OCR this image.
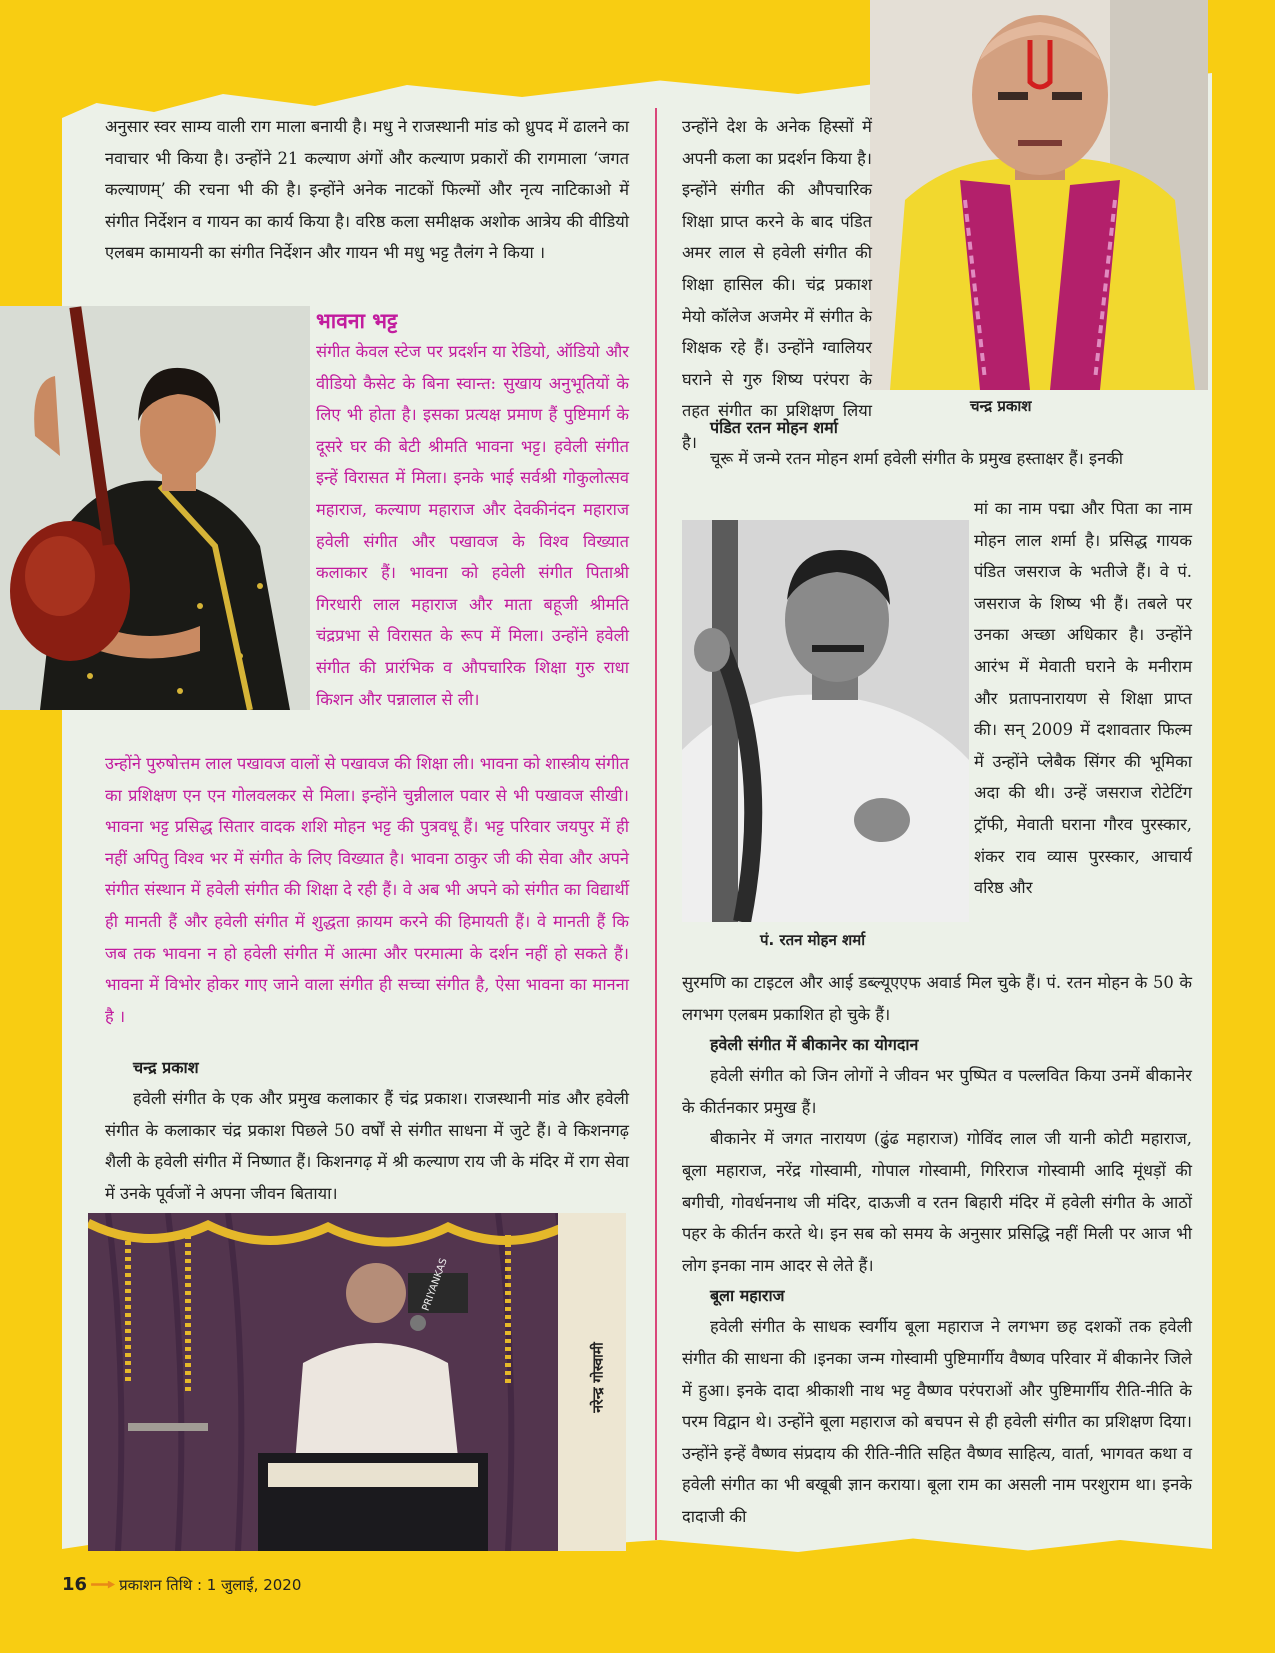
अनुसार स्वर साम्य वाली राग माला बनायी है। मधु ने राजस्थानी मांड को ध्रुपद में ढालने का नवाचार भी किया है। उन्होंने 21 कल्याण अंगों और कल्याण प्रकारों की रागमाला ‘जगत कल्याणम्’ की रचना भी की है। इन्होंने अनेक नाटकों फिल्मों और नृत्य नाटिकाओ में संगीत निर्देशन व गायन का कार्य किया है। वरिष्ठ कला समीक्षक अशोक आत्रेय की वीडियो एलबम कामायनी का संगीत निर्देशन और गायन भी मधु भट्ट तैलंग ने किया ।

भावना भट्ट

संगीत केवल स्टेज पर प्रदर्शन या रेडियो, ऑडियो और वीडियो कैसेट के बिना स्वान्त: सुखाय अनुभूतियों के लिए भी होता है। इसका प्रत्यक्ष प्रमाण हैं पुष्टिमार्ग के दूसरे घर की बेटी श्रीमति भावना भट्ट। हवेली संगीत इन्हें विरासत में मिला। इनके भाई सर्वश्री गोकुलोत्सव महाराज, कल्याण महाराज और देवकीनंदन महाराज हवेली संगीत और पखावज के विश्व विख्यात कलाकार हैं। भावना को हवेली संगीत पिताश्री गिरधारी लाल महाराज और माता बहूजी श्रीमति चंद्रप्रभा से विरासत के रूप में मिला। उन्होंने हवेली संगीत की प्रारंभिक व औपचारिक शिक्षा गुरु राधा किशन और पन्नालाल से ली।

उन्होंने पुरुषोत्तम लाल पखावज वालों से पखावज की शिक्षा ली। भावना को शास्त्रीय संगीत का प्रशिक्षण एन एन गोलवलकर से मिला। इन्होंने चुन्नीलाल पवार से भी पखावज सीखी। भावना भट्ट प्रसिद्ध सितार वादक शशि मोहन भट्ट की पुत्रवधू हैं। भट्ट परिवार जयपुर में ही नहीं अपितु विश्व भर में संगीत के लिए विख्यात है। भावना ठाकुर जी की सेवा और अपने संगीत संस्थान में हवेली संगीत की शिक्षा दे रही हैं। वे अब भी अपने को संगीत का विद्यार्थी ही मानती हैं और हवेली संगीत में शुद्धता क़ायम करने की हिमायती हैं। वे मानती हैं कि जब तक भावना न हो हवेली संगीत में आत्मा और परमात्मा के दर्शन नहीं हो सकते हैं। भावना में विभोर होकर गाए जाने वाला संगीत ही सच्चा संगीत है, ऐसा भावना का मानना है ।

चन्द्र प्रकाश

हवेली संगीत के एक और प्रमुख कलाकार हैं चंद्र प्रकाश। राजस्थानी मांड और हवेली संगीत के कलाकार चंद्र प्रकाश पिछले 50 वर्षों से संगीत साधना में जुटे हैं। वे किशनगढ़ शैली के हवेली संगीत में निष्णात हैं। किशनगढ़ में श्री कल्याण राय जी के मंदिर में राग सेवा में उनके पूर्वजों ने अपना जीवन बिताया।

PRIYANKAS
नरेन्द्र गोस्वामी
चन्द्र प्रकाश

उन्होंने देश के अनेक हिस्सों में अपनी कला का प्रदर्शन किया है। इन्होंने संगीत की औपचारिक शिक्षा प्राप्त करने के बाद पंडित अमर लाल से हवेली संगीत की शिक्षा हासिल की। चंद्र प्रकाश मेयो कॉलेज अजमेर में संगीत के शिक्षक रहे हैं। उन्होंने ग्वालियर घराने से गुरु शिष्य परंपरा के तहत संगीत का प्रशिक्षण लिया है।

पंडित रतन मोहन शर्मा

चूरू में जन्मे रतन मोहन शर्मा हवेली संगीत के प्रमुख हस्ताक्षर हैं। इनकी

पं. रतन मोहन शर्मा

मां का नाम पद्मा और पिता का नाम मोहन लाल शर्मा है। प्रसिद्ध गायक पंडित जसराज के भतीजे हैं। वे पं. जसराज के शिष्य भी हैं। तबले पर उनका अच्छा अधिकार है। उन्होंने आरंभ में मेवाती घराने के मनीराम और प्रतापनारायण से शिक्षा प्राप्त की। सन् 2009 में दशावतार फिल्म में उन्होंने प्लेबैक सिंगर की भूमिका अदा की थी। उन्हें जसराज रोटेटिंग ट्रॉफी, मेवाती घराना गौरव पुरस्कार, शंकर राव व्यास पुरस्कार, आचार्य वरिष्ठ और

सुरमणि का टाइटल और आई डब्ल्यूएएफ अवार्ड मिल चुके हैं। पं. रतन मोहन के 50 के लगभग एलबम प्रकाशित हो चुके हैं।

हवेली संगीत में बीकानेर का योगदान

हवेली संगीत को जिन लोगों ने जीवन भर पुष्पित व पल्लवित किया उनमें बीकानेर के कीर्तनकार प्रमुख हैं।

बीकानेर में जगत नारायण (ढुंढ महाराज) गोविंद लाल जी यानी कोटी महाराज, बूला महाराज, नरेंद्र गोस्वामी, गोपाल गोस्वामी, गिरिराज गोस्वामी आदि मूंधड़ों की बगीची, गोवर्धननाथ जी मंदिर, दाऊजी व रतन बिहारी मंदिर में हवेली संगीत के आठों पहर के कीर्तन करते थे। इन सब को समय के अनुसार प्रसिद्धि नहीं मिली पर आज भी लोग इनका नाम आदर से लेते हैं।

बूला महाराज

हवेली संगीत के साधक स्वर्गीय बूला महाराज ने लगभग छह दशकों तक हवेली संगीत की साधना की ।इनका जन्म गोस्वामी पुष्टिमार्गीय वैष्णव परिवार में बीकानेर जिले में हुआ। इनके दादा श्रीकाशी नाथ भट्ट वैष्णव परंपराओं और पुष्टिमार्गीय रीति-नीति के परम विद्वान थे। उन्होंने बूला महाराज को बचपन से ही हवेली संगीत का प्रशिक्षण दिया। उन्होंने इन्हें वैष्णव संप्रदाय की रीति-नीति सहित वैष्णव साहित्य, वार्ता, भागवत कथा व हवेली संगीत का भी बखूबी ज्ञान कराया। बूला राम का असली नाम परशुराम था। इनके दादाजी की

16 प्रकाशन तिथि : 1 जुलाई, 2020
